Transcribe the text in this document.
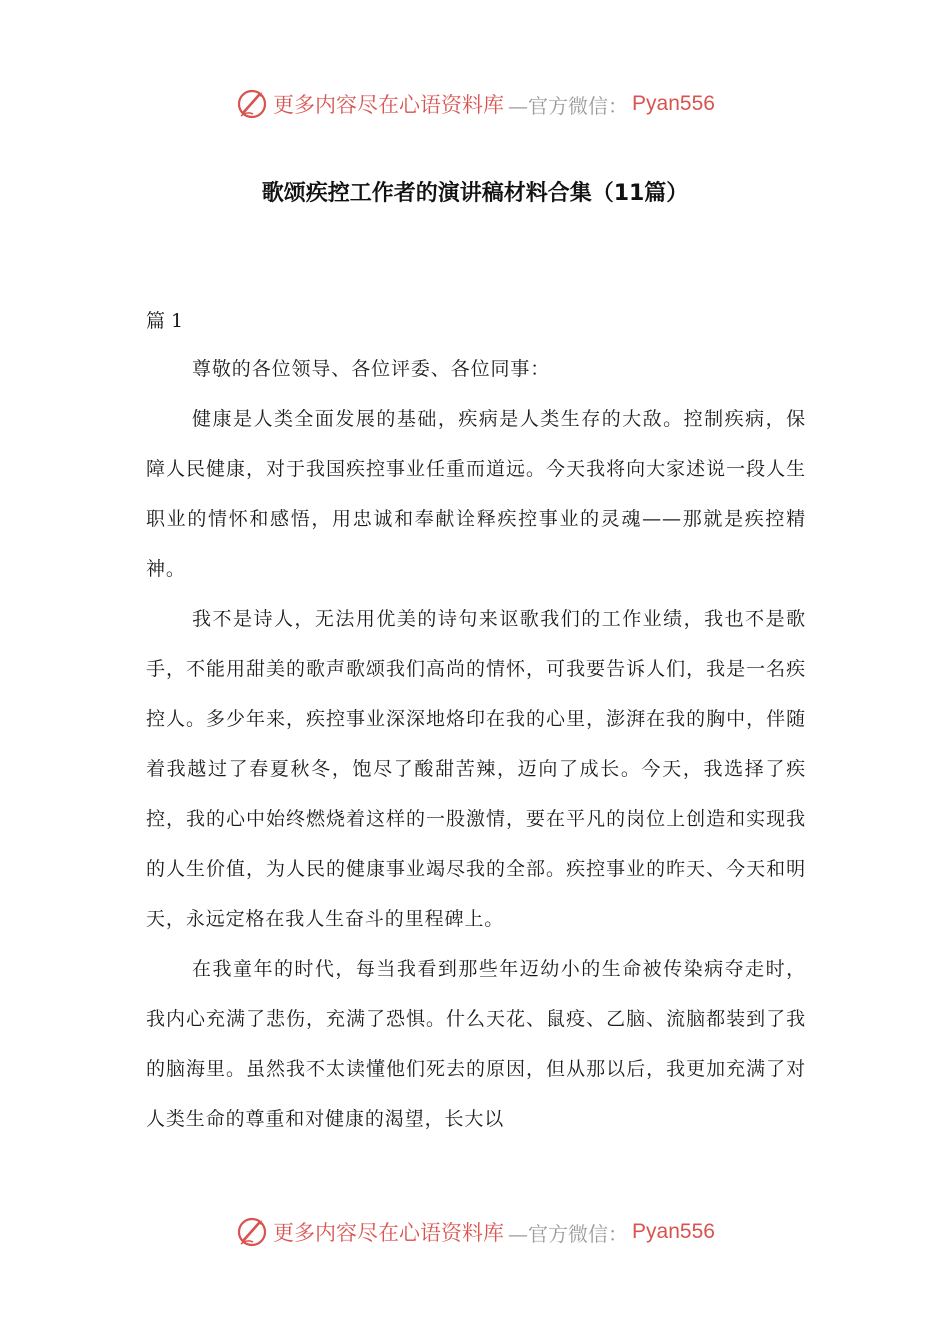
更多内容尽在心语资料库 —官方微信： Pyan556
歌颂疾控工作者的演讲稿材料合集（11篇）
篇 1

尊敬的各位领导、各位评委、各位同事：

健康是人类全面发展的基础，疾病是人类生存的大敌。控制疾病，保障人民健康，对于我国疾控事业任重而道远。今天我将向大家述说一段人生职业的情怀和感悟，用忠诚和奉献诠释疾控事业的灵魂——那就是疾控精神。

我不是诗人，无法用优美的诗句来讴歌我们的工作业绩，我也不是歌手，不能用甜美的歌声歌颂我们高尚的情怀，可我要告诉人们，我是一名疾控人。多少年来，疾控事业深深地烙印在我的心里，澎湃在我的胸中，伴随着我越过了春夏秋冬，饱尽了酸甜苦辣，迈向了成长。今天，我选择了疾控，我的心中始终燃烧着这样的一股激情，要在平凡的岗位上创造和实现我的人生价值，为人民的健康事业竭尽我的全部。疾控事业的昨天、今天和明天，永远定格在我人生奋斗的里程碑上。

在我童年的时代，每当我看到那些年迈幼小的生命被传染病夺走时，我内心充满了悲伤，充满了恐惧。什么天花、鼠疫、乙脑、流脑都装到了我的脑海里。虽然我不太读懂他们死去的原因，但从那以后，我更加充满了对人类生命的尊重和对健康的渴望，长大以

更多内容尽在心语资料库 —官方微信： Pyan556
